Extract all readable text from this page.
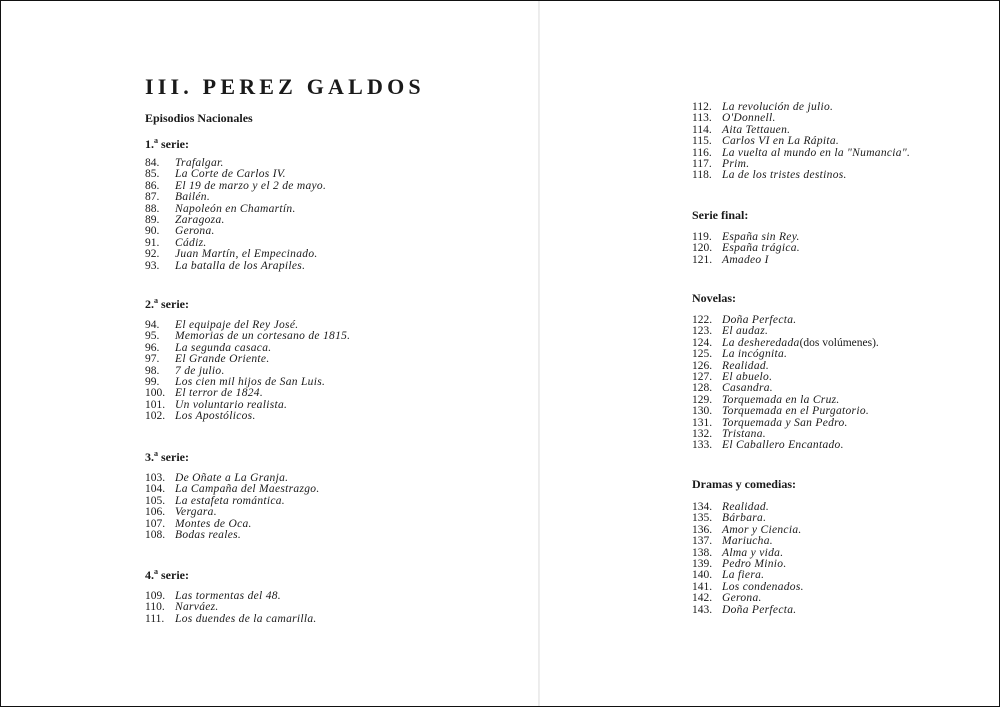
III. PEREZ GALDOS
Episodios Nacionales
1.$^a$ serie:
84.	Trafalgar.
85.	La Corte de Carlos IV.
86.	El 19 de marzo y el 2 de mayo.
87.	Bailén.
88.	Napoleón en Chamartín.
89.	Zaragoza.
90.	Gerona.
91.	Cádiz.
92.	Juan Martín, el Empecinado.
93.	La batalla de los Arapiles.
2.$^a$ serie:
94.	El equipaje del Rey José.
95.	Memorias de un cortesano de 1815.
96.	La segunda casaca.
97.	El Grande Oriente.
98.	7 de julio.
99.	Los cien mil hijos de San Luis.
100. El terror de 1824.
101. Un voluntario realista.
102. Los Apostólicos.
3.$^a$ serie:
103. De Oñate a La Granja.
104. La Campaña del Maestrazgo.
105. La estafeta romántica.
106. Vergara.
107. Montes de Oca.
108. Bodas reales.
4.$^a$ serie:
109. Las tormentas del 48.
110. Narváez.
111. Los duendes de la camarilla.
112. La revolución de julio.
113. O'Donnell.
114. Aita Tettauen.
115. Carlos VI en La Rápita.
116. La vuelta al mundo en la "Numancia".
117. Prim.
118. La de los tristes destinos.
Serie final:
119. España sin Rey.
120. España trágica.
121. Amadeo I
Novelas:
122. Doña Perfecta.
123. El audaz.
124. La desheredada (dos volúmenes).
125. La incógnita.
126. Realidad.
127. El abuelo.
128. Casandra.
129. Torquemada en la Cruz.
130. Torquemada en el Purgatorio.
131. Torquemada y San Pedro.
132. Tristana.
133. El Caballero Encantado.
Dramas y comedias:
134. Realidad.
135. Bárbara.
136. Amor y Ciencia.
137. Mariucha.
138. Alma y vida.
139. Pedro Minio.
140. La fiera.
141. Los condenados.
142. Gerona.
143. Doña Perfecta.
